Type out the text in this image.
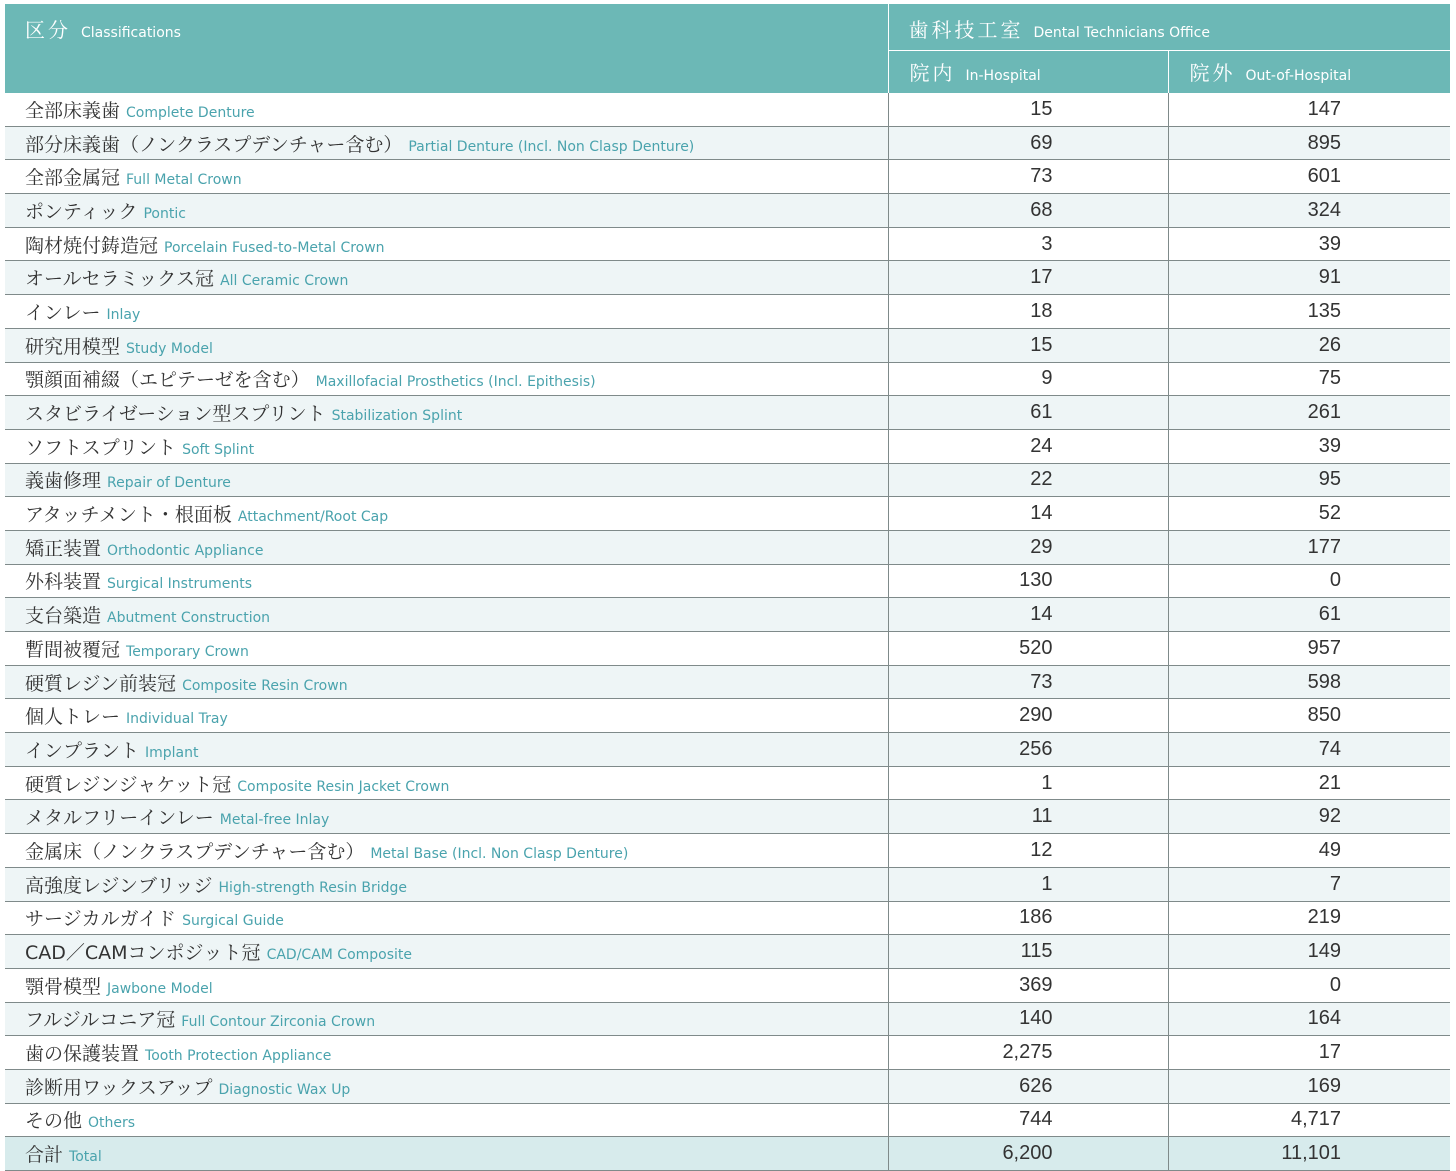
区分 Classifications	歯科技工室 Dental Technicians Office	
	院内 In-Hospital	院外 Out-of-Hospital
全部床義歯 Complete Denture	15	147
部分床義歯（ノンクラスプデンチャー含む） Partial Denture (Incl. Non Clasp Denture)	69	895
全部金属冠 Full Metal Crown	73	601
ポンティック Pontic	68	324
陶材焼付鋳造冠 Porcelain Fused-to-Metal Crown	3	39
オールセラミックス冠 All Ceramic Crown	17	91
インレー Inlay	18	135
研究用模型 Study Model	15	26
顎顔面補綴（エピテーゼを含む） Maxillofacial Prosthetics (Incl. Epithesis)	9	75
スタビライゼーション型スプリント Stabilization Splint	61	261
ソフトスプリント Soft Splint	24	39
義歯修理 Repair of Denture	22	95
アタッチメント・根面板 Attachment/Root Cap	14	52
矯正装置 Orthodontic Appliance	29	177
外科装置 Surgical Instruments	130	0
支台築造 Abutment Construction	14	61
暫間被覆冠 Temporary Crown	520	957
硬質レジン前装冠 Composite Resin Crown	73	598
個人トレー Individual Tray	290	850
インプラント Implant	256	74
硬質レジンジャケット冠 Composite Resin Jacket Crown	1	21
メタルフリーインレー Metal-free Inlay	11	92
金属床（ノンクラスプデンチャー含む） Metal Base (Incl. Non Clasp Denture)	12	49
高強度レジンブリッジ High-strength Resin Bridge	1	7
サージカルガイド Surgical Guide	186	219
CAD／CAMコンポジット冠 CAD/CAM Composite	115	149
顎骨模型 Jawbone Model	369	0
フルジルコニア冠 Full Contour Zirconia Crown	140	164
歯の保護装置 Tooth Protection Appliance	2,275	17
診断用ワックスアップ Diagnostic Wax Up	626	169
その他 Others	744	4,717
合計 Total	6,200	11,101
